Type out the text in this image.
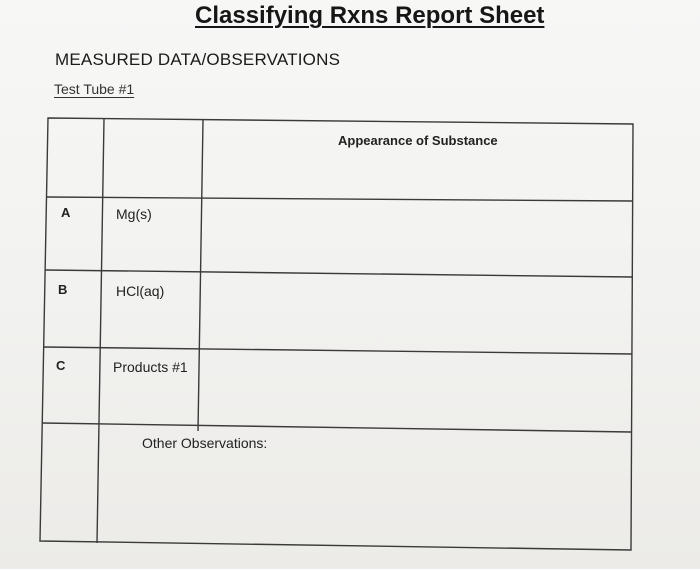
Classifying Rxns Report Sheet
MEASURED DATA/OBSERVATIONS
Test Tube #1
Appearance of Substance
A	Mg(s)
B	HCl(aq)
C	Products #1
Other Observations:
